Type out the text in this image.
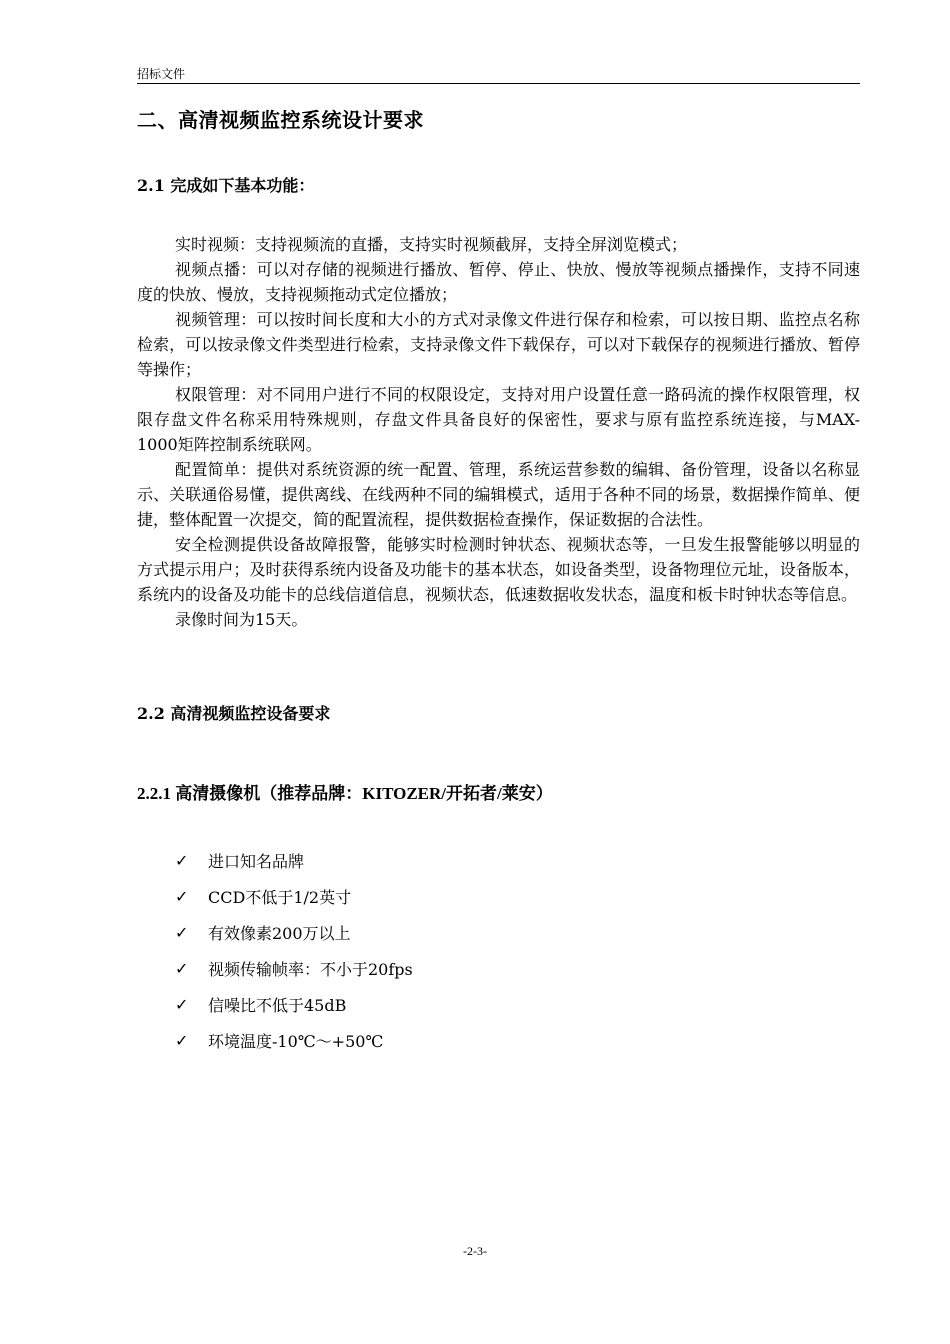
招标文件
二、高清视频监控系统设计要求
2.1 完成如下基本功能：

实时视频：支持视频流的直播，支持实时视频截屏，支持全屏浏览模式；

视频点播：可以对存储的视频进行播放、暂停、停止、快放、慢放等视频点播操作，支持不同速度的快放、慢放，支持视频拖动式定位播放；

视频管理：可以按时间长度和大小的方式对录像文件进行保存和检索，可以按日期、监控点名称检索，可以按录像文件类型进行检索，支持录像文件下载保存，可以对下载保存的视频进行播放、暂停等操作；

权限管理：对不同用户进行不同的权限设定，支持对用户设置任意一路码流的操作权限管理，权限存盘文件名称采用特殊规则，存盘文件具备良好的保密性，要求与原有监控系统连接，与MAX-1000矩阵控制系统联网。

配置简单：提供对系统资源的统一配置、管理，系统运营参数的编辑、备份管理，设备以名称显示、关联通俗易懂，提供离线、在线两种不同的编辑模式，适用于各种不同的场景，数据操作简单、便捷，整体配置一次提交，简的配置流程，提供数据检查操作，保证数据的合法性。

安全检测提供设备故障报警，能够实时检测时钟状态、视频状态等，一旦发生报警能够以明显的方式提示用户；及时获得系统内设备及功能卡的基本状态，如设备类型，设备物理位元址，设备版本，系统内的设备及功能卡的总线信道信息，视频状态，低速数据收发状态，温度和板卡时钟状态等信息。

录像时间为15天。

2.2 高清视频监控设备要求
2.2.1 高清摄像机（推荐品牌：KITOZER/开拓者/莱安）
✓	进口知名品牌
✓	CCD不低于1/2英寸
✓	有效像素200万以上
✓	视频传输帧率：不小于20fps
✓	信噪比不低于45dB
✓	环境温度-10℃～+50℃
-2-3-
